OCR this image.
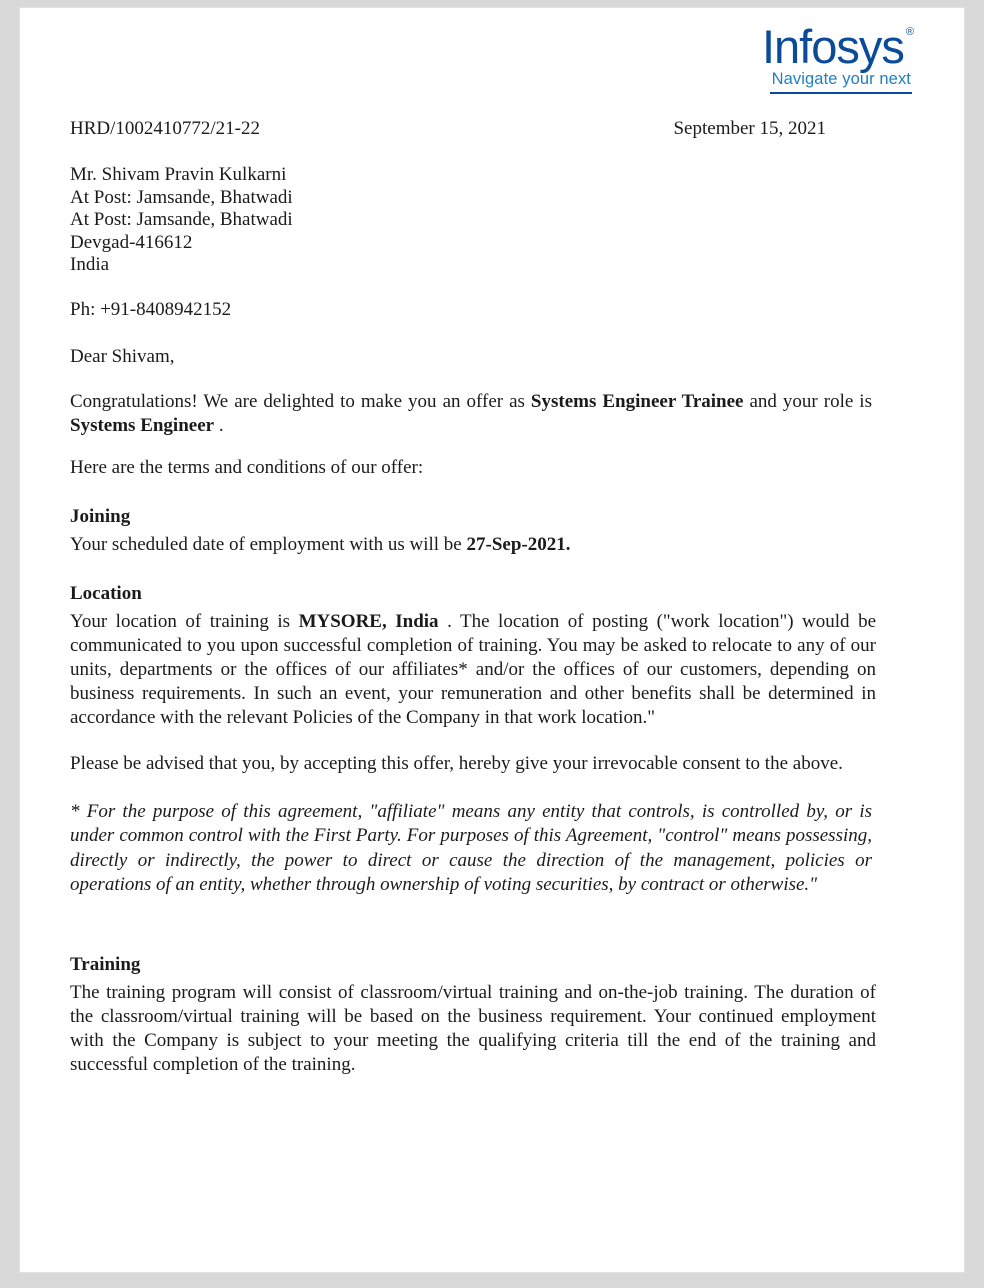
Infosys ®
Navigate your next
HRD/1002410772/21-22	September 15, 2021
Mr. Shivam Pravin Kulkarni
At Post: Jamsande, Bhatwadi
At Post: Jamsande, Bhatwadi
Devgad-416612
India
Ph: +91-8408942152
Dear Shivam,
Congratulations! We are delighted to make you an offer as Systems Engineer Trainee and your role is Systems Engineer .
Here are the terms and conditions of our offer:
Joining
Your scheduled date of employment with us will be 27-Sep-2021.
Location
Your location of training is MYSORE, India . The location of posting ("work location") would be communicated to you upon successful completion of training. You may be asked to relocate to any of our units, departments or the offices of our affiliates* and/or the offices of our customers, depending on business requirements. In such an event, your remuneration and other benefits shall be determined in accordance with the relevant Policies of the Company in that work location."
Please be advised that you, by accepting this offer, hereby give your irrevocable consent to the above.
* For the purpose of this agreement, "affiliate" means any entity that controls, is controlled by, or is under common control with the First Party. For purposes of this Agreement, "control" means possessing, directly or indirectly, the power to direct or cause the direction of the management, policies or operations of an entity, whether through ownership of voting securities, by contract or otherwise."
Training
The training program will consist of classroom/virtual training and on-the-job training. The duration of the classroom/virtual training will be based on the business requirement. Your continued employment with the Company is subject to your meeting the qualifying criteria till the end of the training and successful completion of the training.
